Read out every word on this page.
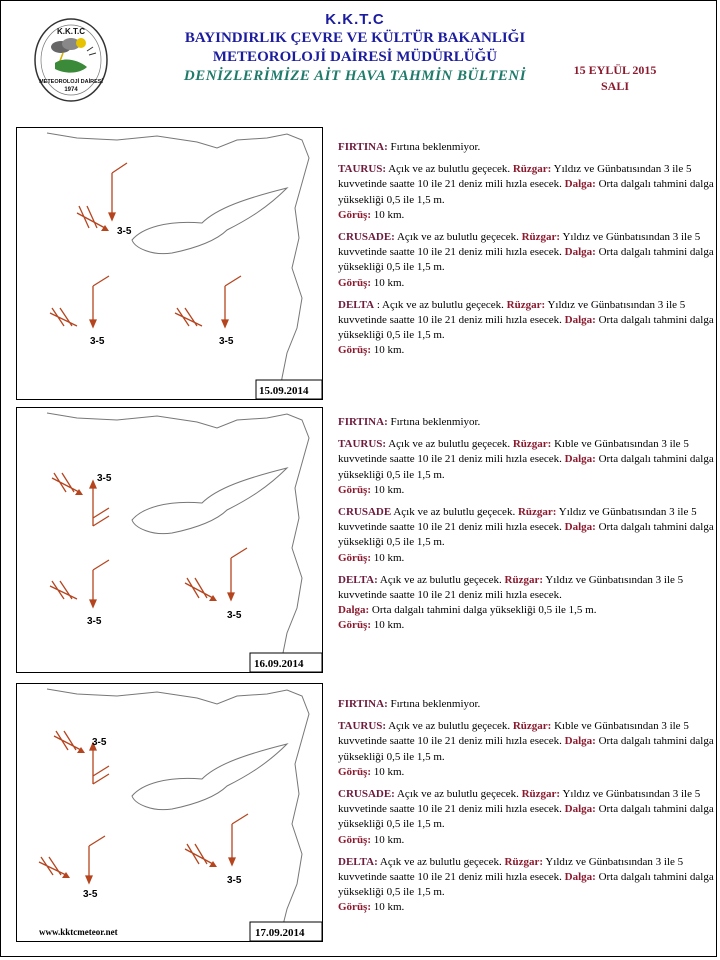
K.K.T.C
METEOROLOJİ DAİRESİ
1974
K.K.T.C
BAYINDIRLIK ÇEVRE VE KÜLTÜR BAKANLIĞI
METEOROLOJİ DAİRESİ MÜDÜRLÜĞÜ
DENİZLERİMİZE AİT HAVA TAHMİN BÜLTENİ	15 EYLÜL 2015
SALI
3-5
3-5	3-5
15.09.2014

FIRTINA: Fırtına beklenmiyor.

TAURUS: Açık ve az bulutlu geçecek. Rüzgar: Yıldız ve Günbatısından 3 ile 5 kuvvetinde saatte 10 ile 21 deniz mili hızla esecek. Dalga: Orta dalgalı tahmini dalga yüksekliği 0,5 ile 1,5 m.
Görüş: 10 km.

CRUSADE: Açık ve az bulutlu geçecek. Rüzgar: Yıldız ve Günbatısından 3 ile 5 kuvvetinde saatte 10 ile 21 deniz mili hızla esecek. Dalga: Orta dalgalı tahmini dalga yüksekliği 0,5 ile 1,5 m.
Görüş: 10 km.

DELTA : Açık ve az bulutlu geçecek. Rüzgar: Yıldız ve Günbatısından 3 ile 5 kuvvetinde saatte 10 ile 21 deniz mili hızla esecek. Dalga: Orta dalgalı tahmini dalga yüksekliği 0,5 ile 1,5 m.
Görüş: 10 km.

3-5
3-5
3-5
16.09.2014

FIRTINA: Fırtına beklenmiyor.

TAURUS: Açık ve az bulutlu geçecek. Rüzgar: Kıble ve Günbatısından 3 ile 5 kuvvetinde saatte 10 ile 21 deniz mili hızla esecek. Dalga: Orta dalgalı tahmini dalga yüksekliği 0,5 ile 1,5 m.
Görüş: 10 km.

CRUSADE Açık ve az bulutlu geçecek. Rüzgar: Yıldız ve Günbatısından 3 ile 5 kuvvetinde saatte 10 ile 21 deniz mili hızla esecek. Dalga: Orta dalgalı tahmini dalga yüksekliği 0,5 ile 1,5 m.
Görüş: 10 km.

DELTA: Açık ve az bulutlu geçecek. Rüzgar: Yıldız ve Günbatısından 3 ile 5 kuvvetinde saatte 10 ile 21 deniz mili hızla esecek.
Dalga: Orta dalgalı tahmini dalga yüksekliği 0,5 ile 1,5 m.
Görüş: 10 km.

3-5
3-5
3-5
www.kktcmeteor.net	17.09.2014

FIRTINA: Fırtına beklenmiyor.

TAURUS: Açık ve az bulutlu geçecek. Rüzgar: Kıble ve Günbatısından 3 ile 5 kuvvetinde saatte 10 ile 21 deniz mili hızla esecek. Dalga: Orta dalgalı tahmini dalga yüksekliği 0,5 ile 1,5 m.
Görüş: 10 km.

CRUSADE: Açık ve az bulutlu geçecek. Rüzgar: Yıldız ve Günbatısından 3 ile 5 kuvvetinde saatte 10 ile 21 deniz mili hızla esecek. Dalga: Orta dalgalı tahmini dalga yüksekliği 0,5 ile 1,5 m.
Görüş: 10 km.

DELTA: Açık ve az bulutlu geçecek. Rüzgar: Yıldız ve Günbatısından 3 ile 5 kuvvetinde saatte 10 ile 21 deniz mili hızla esecek. Dalga: Orta dalgalı tahmini dalga yüksekliği 0,5 ile 1,5 m.
Görüş: 10 km.
